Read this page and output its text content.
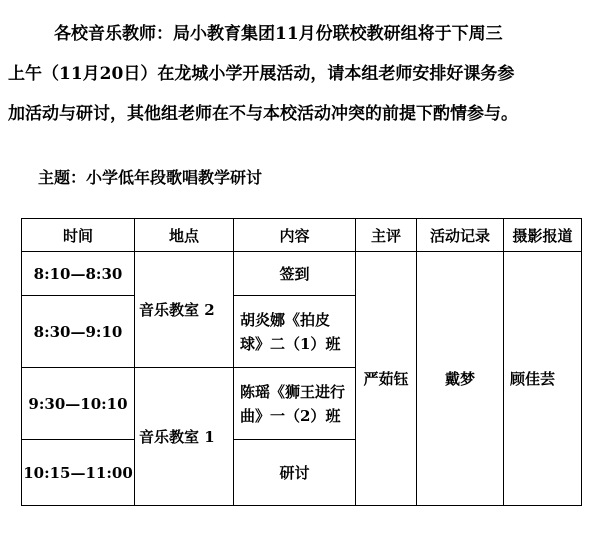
各校音乐教师：局小教育集团11月份联校教研组将于下周三
上午（11月20日）在龙城小学开展活动，请本组老师安排好课务参
加活动与研讨，其他组老师在不与本校活动冲突的前提下酌情参与。

主题：小学低年段歌唱教学研讨
时间	地点	内容	主评	活动记录	摄影报道
8:10—8:30	音乐教室 2	签到	严茹钰	戴梦	顾佳芸
8:30—9:10		胡炎娜《拍皮球》二（1）班			
9:30—10:10	音乐教室 1	陈瑶《狮王进行曲》一（2）班			
10:15—11:00		研讨			
